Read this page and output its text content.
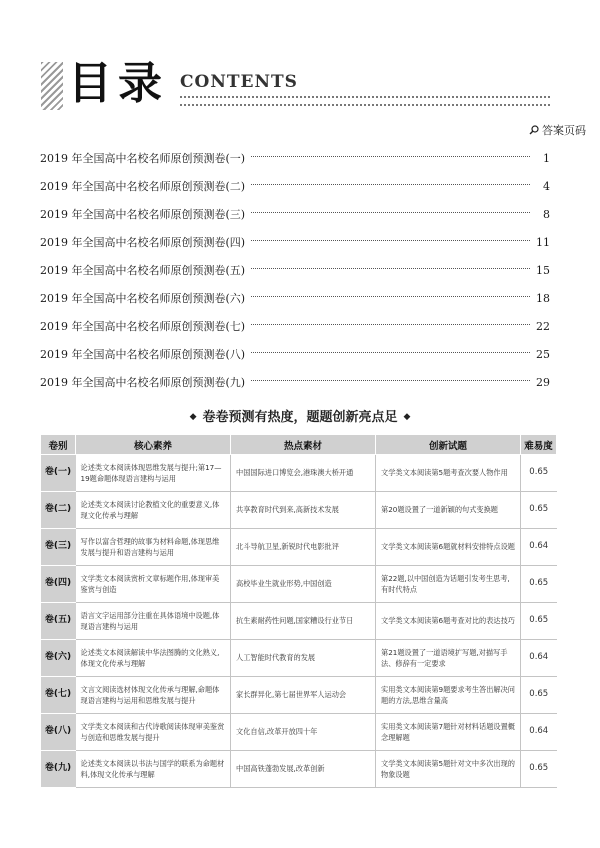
目录 CONTENTS
答案页码
2019 年全国高中名校名师原创预测卷(一)	1
2019 年全国高中名校名师原创预测卷(二)	4
2019 年全国高中名校名师原创预测卷(三)	8
2019 年全国高中名校名师原创预测卷(四)	11
2019 年全国高中名校名师原创预测卷(五)	15
2019 年全国高中名校名师原创预测卷(六)	18
2019 年全国高中名校名师原创预测卷(七)	22
2019 年全国高中名校名师原创预测卷(八)	25
2019 年全国高中名校名师原创预测卷(九)	29
◆ 卷卷预测有热度，题题创新亮点足 ◆
卷别	核心素养	热点素材	创新试题	难易度
卷(一)	论述类文本阅读体现思维发展与提升;第17—19题命题体现语言建构与运用	中国国际进口博览会,港珠澳大桥开通	文学类文本阅读第5题考查次要人物作用	0.65
卷(二)	论述类文本阅读讨论教植文化的重要意义,体现文化传承与理解	共享教育时代到来,高新技术发展	第20题设置了一道新颖的句式变换题	0.65
卷(三)	写作以富含哲理的故事为材料命题,体现思维发展与提升和语言建构与运用	北斗导航卫星,新锐时代电影批评	文学类文本阅读第6题就材料安排特点设题	0.64
卷(四)	文学类文本阅读赏析文章标题作用,体现审美鉴赏与创造	高校毕业生就业形势,中国创造	第22题,以中国创造为话题引发考生思考,有时代特点	0.65
卷(五)	语言文字运用部分注重在具体语境中设题,体现语言建构与运用	抗生素耐药性问题,国家糟设行业节日	文学类文本阅读第6题考查对比的表达技巧	0.65
卷(六)	论述类文本阅读解读中华法图腾的文化熟义,体现文化传承与理解	人工智能时代教育的发展	第21题设置了一道语境扩写题,对描写手法、修辞有一定要求	0.64
卷(七)	文言文阅读选材体现文化传承与理解,命题体现语言建构与运用和思维发展与提升	家长群异化,第七届世界军人运动会	实用类文本阅读第9题要求考生答出解决问题的方法,思维含量高	0.65
卷(八)	文学类文本阅读和古代诗歌阅读体现审美鉴赏与创造和思维发展与提升	文化自信,改革开放四十年	实用类文本阅读第7题针对材料话题设置概念理解题	0.64
卷(九)	论述类文本阅读以书法与国学的联系为命题材料,体现文化传承与理解	中国高铁蓬勃发展,改革创新	文学类文本阅读第5题针对文中多次出现的物象设题	0.65
